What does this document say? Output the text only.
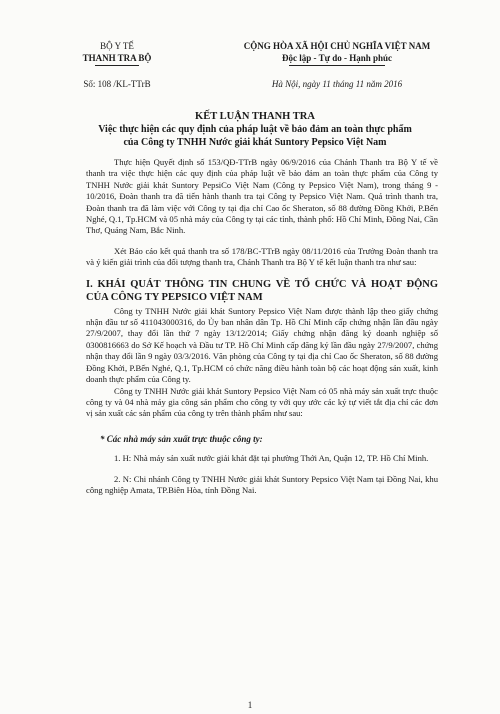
BỘ Y TẾ
THANH TRA BỘ
Số: 108 /KL-TTrB
CỘNG HÒA XÃ HỘI CHỦ NGHĨA VIỆT NAM
Độc lập - Tự do - Hạnh phúc
Hà Nội, ngày 11 tháng 11 năm 2016
KẾT LUẬN THANH TRA
Việc thực hiện các quy định của pháp luật về bảo đảm an toàn thực phẩm
của Công ty TNHH Nước giải khát Suntory Pepsico Việt Nam

Thực hiện Quyết định số 153/QĐ-TTrB ngày 06/9/2016 của Chánh Thanh tra Bộ Y tế về thanh tra việc thực hiện các quy định của pháp luật về bảo đảm an toàn thực phẩm của Công ty TNHH Nước giải khát Suntory PepsiCo Việt Nam (Công ty Pepsico Việt Nam), trong tháng 9 - 10/2016, Đoàn thanh tra đã tiến hành thanh tra tại Công ty Pepsico Việt Nam. Quá trình thanh tra, Đoàn thanh tra đã làm việc với Công ty tại địa chỉ Cao ốc Sheraton, số 88 đường Đồng Khởi, P.Bến Nghé, Q.1, Tp.HCM và 05 nhà máy của Công ty tại các tỉnh, thành phố: Hồ Chí Minh, Đồng Nai, Cần Thơ, Quảng Nam, Bắc Ninh.

Xét Báo cáo kết quả thanh tra số 178/BC-TTrB ngày 08/11/2016 của Trưởng Đoàn thanh tra và ý kiến giải trình của đối tượng thanh tra, Chánh Thanh tra Bộ Y tế kết luận thanh tra như sau:

I. KHÁI QUÁT THÔNG TIN CHUNG VỀ TỔ CHỨC VÀ HOẠT ĐỘNG CỦA CÔNG TY PEPSICO VIỆT NAM

Công ty TNHH Nước giải khát Suntory Pepsico Việt Nam được thành lập theo giấy chứng nhận đầu tư số 411043000316, do Ủy ban nhân dân Tp. Hồ Chí Minh cấp chứng nhận lần đầu ngày 27/9/2007, thay đổi lần thứ 7 ngày 13/12/2014; Giấy chứng nhận đăng ký doanh nghiệp số 0300816663 do Sở Kế hoạch và Đầu tư TP. Hồ Chí Minh cấp đăng ký lần đầu ngày 27/9/2007, chứng nhận thay đổi lần 9 ngày 03/3/2016. Văn phòng của Công ty tại địa chỉ Cao ốc Sheraton, số 88 đường Đồng Khởi, P.Bến Nghé, Q.1, Tp.HCM có chức năng điều hành toàn bộ các hoạt động sản xuất, kinh doanh thực phẩm của Công ty.

Công ty TNHH Nước giải khát Suntory Pepsico Việt Nam có 05 nhà máy sản xuất trực thuộc công ty và 04 nhà máy gia công sản phẩm cho công ty với quy ước các ký tự viết tắt địa chỉ các đơn vị sản xuất các sản phẩm của công ty trên thành phẩm như sau:

* Các nhà máy sản xuất trực thuộc công ty:

1. H: Nhà máy sản xuất nước giải khát đặt tại phường Thới An, Quận 12, TP. Hồ Chí Minh.

2. N: Chi nhánh Công ty TNHH Nước giải khát Suntory Pepsico Việt Nam tại Đồng Nai, khu công nghiệp Amata, TP.Biên Hòa, tỉnh Đồng Nai.

1
